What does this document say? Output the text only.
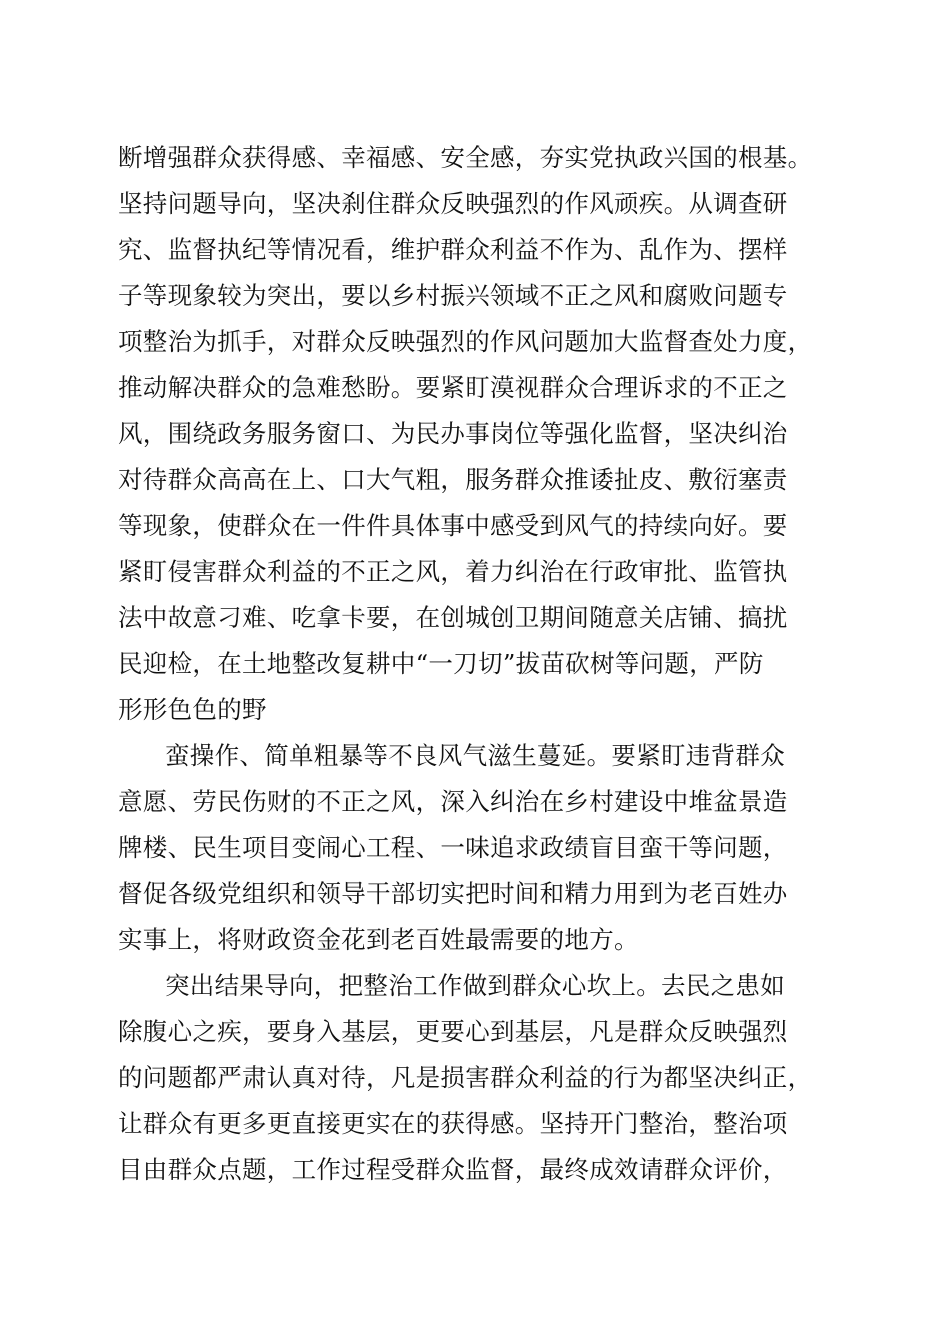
断增强群众获得感、幸福感、安全感，夯实党执政兴国的根基。
坚持问题导向，坚决刹住群众反映强烈的作风顽疾。从调查研
究、监督执纪等情况看，维护群众利益不作为、乱作为、摆样
子等现象较为突出，要以乡村振兴领域不正之风和腐败问题专
项整治为抓手，对群众反映强烈的作风问题加大监督查处力度，
推动解决群众的急难愁盼。要紧盯漠视群众合理诉求的不正之
风，围绕政务服务窗口、为民办事岗位等强化监督，坚决纠治
对待群众高高在上、口大气粗，服务群众推诿扯皮、敷衍塞责
等现象，使群众在一件件具体事中感受到风气的持续向好。要
紧盯侵害群众利益的不正之风，着力纠治在行政审批、监管执
法中故意刁难、吃拿卡要，在创城创卫期间随意关店铺、搞扰
民迎检，在土地整改复耕中“一刀切”拔苗砍树等问题，严防
形形色色的野
蛮操作、简单粗暴等不良风气滋生蔓延。要紧盯违背群众
意愿、劳民伤财的不正之风，深入纠治在乡村建设中堆盆景造
牌楼、民生项目变闹心工程、一味追求政绩盲目蛮干等问题，
督促各级党组织和领导干部切实把时间和精力用到为老百姓办
实事上，将财政资金花到老百姓最需要的地方。
突出结果导向，把整治工作做到群众心坎上。去民之患如
除腹心之疾，要身入基层，更要心到基层，凡是群众反映强烈
的问题都严肃认真对待，凡是损害群众利益的行为都坚决纠正，
让群众有更多更直接更实在的获得感。坚持开门整治，整治项
目由群众点题，工作过程受群众监督，最终成效请群众评价，
